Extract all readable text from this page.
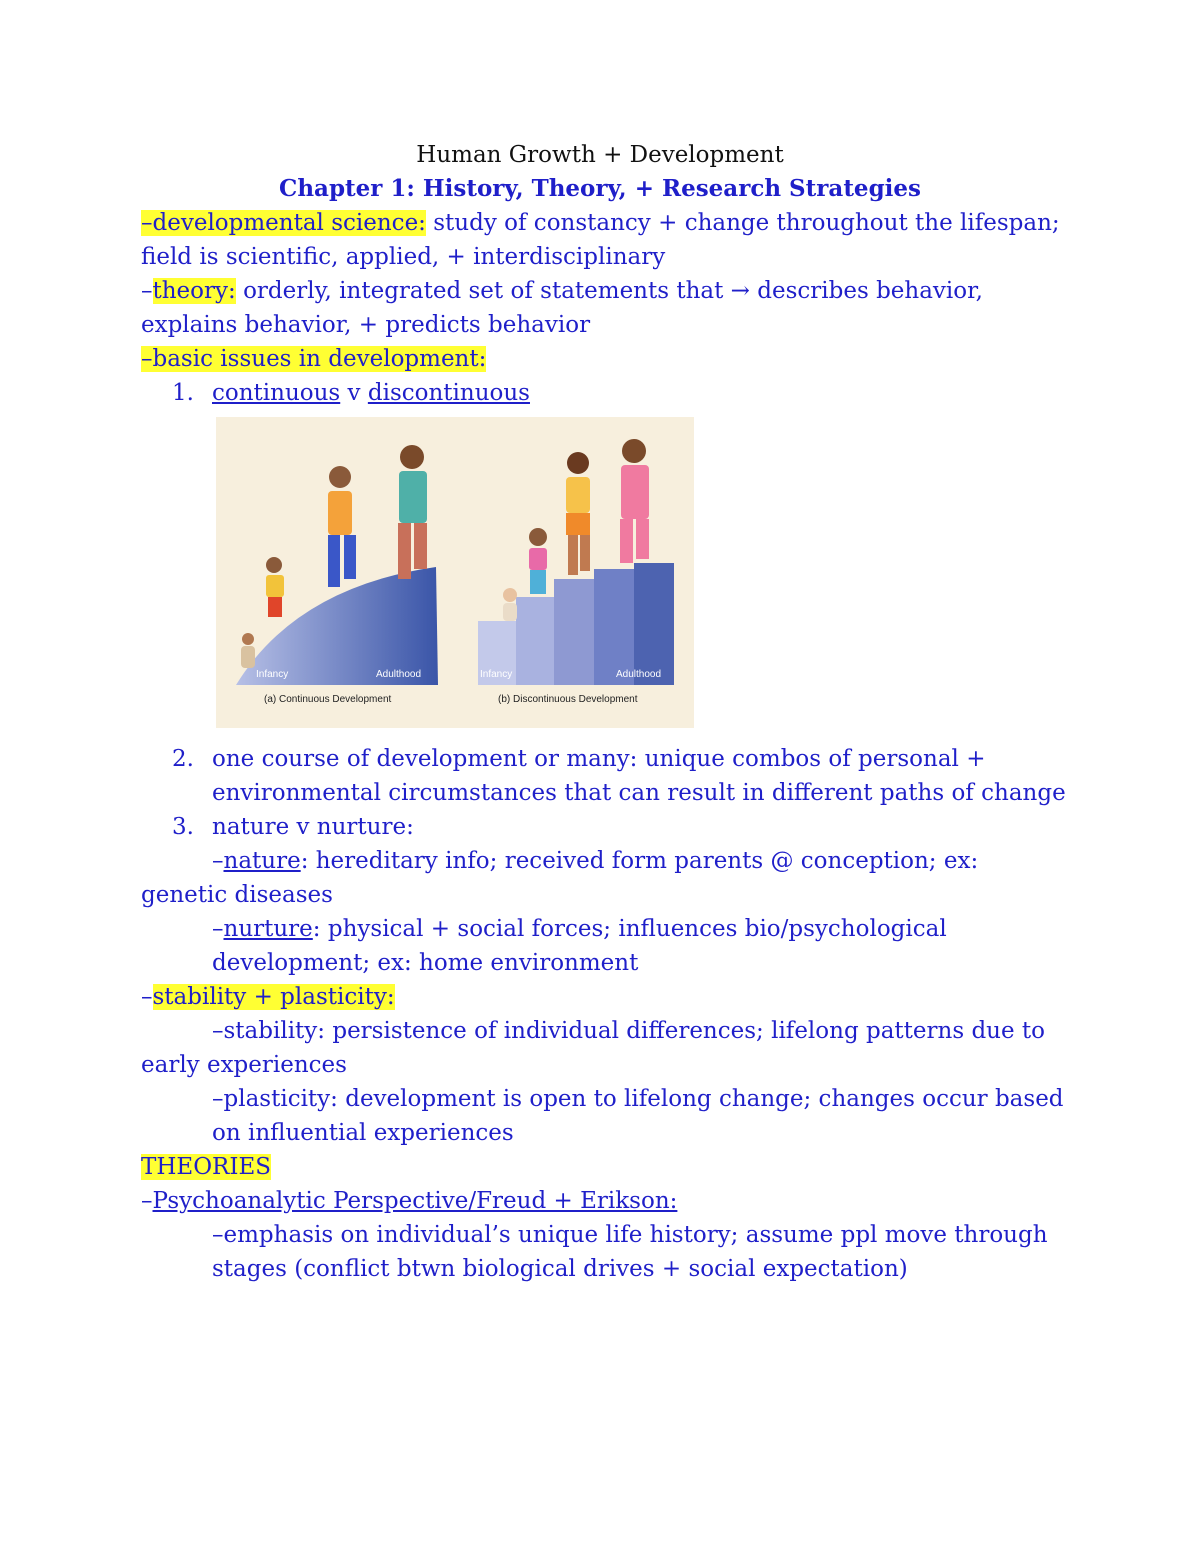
Human Growth + Development
Chapter 1: History, Theory, + Research Strategies
–developmental science: study of constancy + change throughout the lifespan;
field is scientific, applied, + interdisciplinary
–theory: orderly, integrated set of statements that → describes behavior,
explains behavior, + predicts behavior
–basic issues in development:
1. continuous v discontinuous
Infancy	Adulthood
(a) Continuous Development
Infancy	Adulthood
(b) Discontinuous Development
2. one course of development or many: unique combos of personal +
environmental circumstances that can result in different paths of change
3. nature v nurture:
–nature: hereditary info; received form parents @ conception; ex:
genetic diseases
–nurture: physical + social forces; influences bio/psychological
development; ex: home environment
–stability + plasticity:
–stability: persistence of individual differences; lifelong patterns due to
early experiences
–plasticity: development is open to lifelong change; changes occur based
on influential experiences
THEORIES
–Psychoanalytic Perspective/Freud + Erikson:
–emphasis on individual’s unique life history; assume ppl move through
stages (conflict btwn biological drives + social expectation)
